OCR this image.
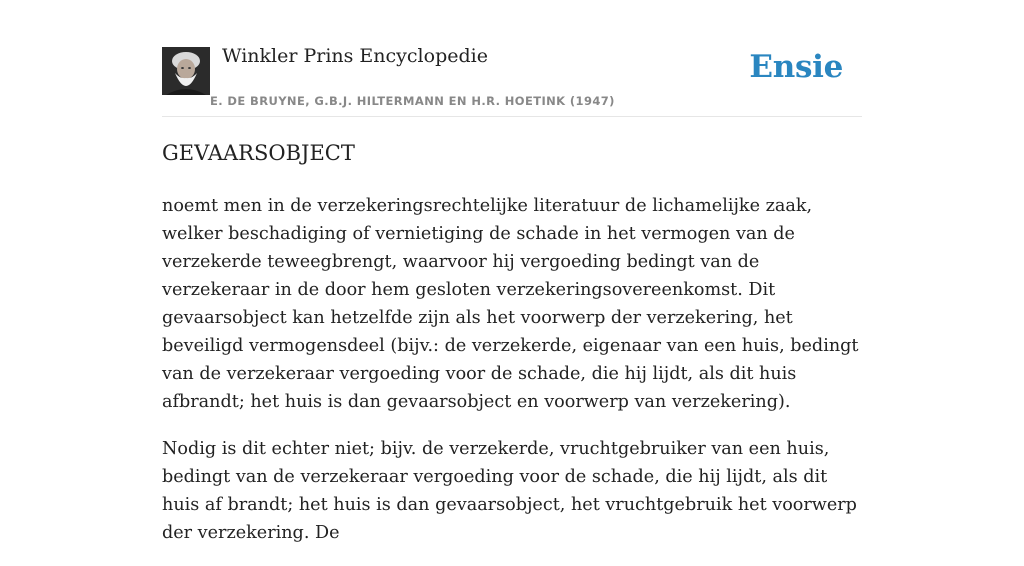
Winkler Prins Encyclopedie
E. DE BRUYNE, G.B.J. HILTERMANN EN H.R. HOETINK (1947)
Ensie
GEVAARSOBJECT

noemt men in de verzekeringsrechtelijke literatuur de lichamelijke zaak, welker beschadiging of vernietiging de schade in het vermogen van de verzekerde teweegbrengt, waarvoor hij vergoeding bedingt van de verzekeraar in de door hem gesloten verzekeringsovereenkomst. Dit gevaarsobject kan hetzelfde zijn als het voorwerp der verzekering, het beveiligd vermogensdeel (bijv.: de verzekerde, eigenaar van een huis, bedingt van de verzekeraar vergoeding voor de schade, die hij lijdt, als dit huis afbrandt; het huis is dan gevaarsobject en voorwerp van verzekering).

Nodig is dit echter niet; bijv. de verzekerde, vruchtgebruiker van een huis, bedingt van de verzekeraar vergoeding voor de schade, die hij lijdt, als dit huis af brandt; het huis is dan gevaarsobject, het vruchtgebruik het voorwerp der verzekering. De
